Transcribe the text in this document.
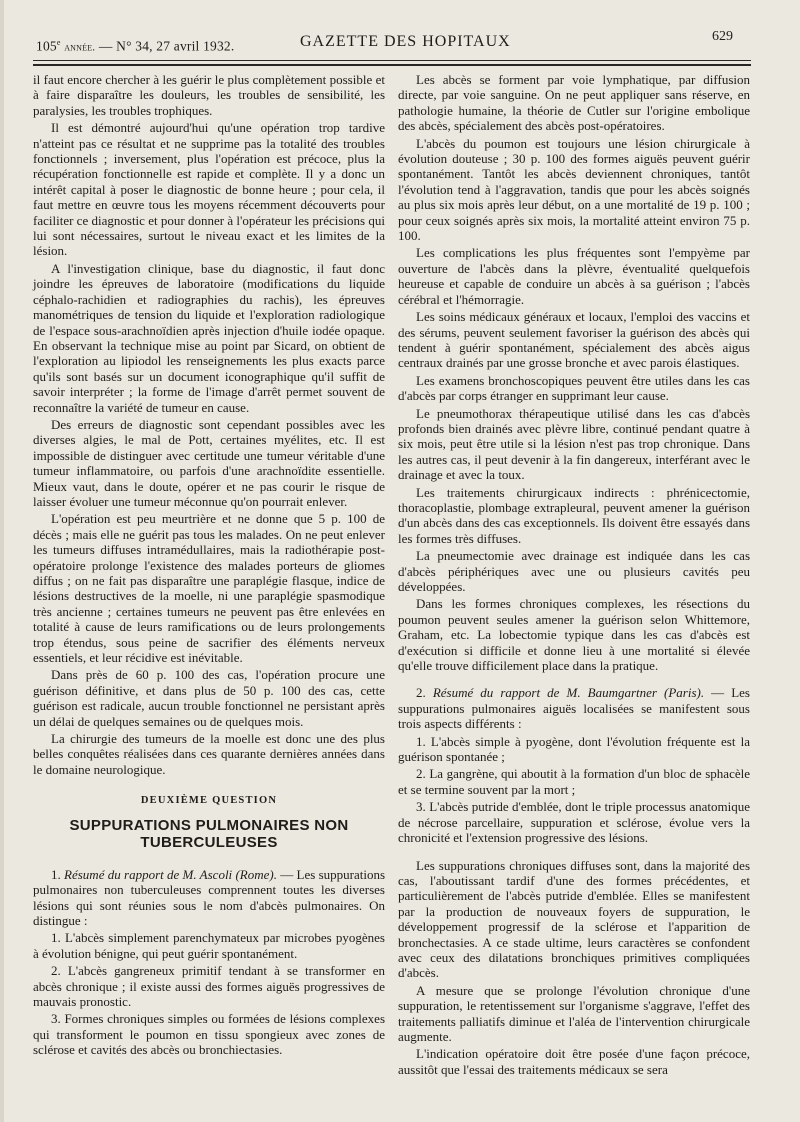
105e année. — N° 34, 27 avril 1932.	GAZETTE DES HOPITAUX	629

il faut encore chercher à les guérir le plus complètement possible et à faire disparaître les douleurs, les troubles de sensibilité, les paralysies, les troubles trophiques.

Il est démontré aujourd'hui qu'une opération trop tardive n'atteint pas ce résultat et ne supprime pas la totalité des troubles fonctionnels ; inversement, plus l'opération est précoce, plus la récupération fonctionnelle est rapide et complète. Il y a donc un intérêt capital à poser le diagnostic de bonne heure ; pour cela, il faut mettre en œuvre tous les moyens récemment découverts pour faciliter ce diagnostic et pour donner à l'opérateur les précisions qui lui sont nécessaires, surtout le niveau exact et les limites de la lésion.

A l'investigation clinique, base du diagnostic, il faut donc joindre les épreuves de laboratoire (modifications du liquide céphalo-rachidien et radiographies du rachis), les épreuves manométriques de tension du liquide et l'exploration radiologique de l'espace sous-arachnoïdien après injection d'huile iodée opaque. En observant la technique mise au point par Sicard, on obtient de l'exploration au lipiodol les renseignements les plus exacts parce qu'ils sont basés sur un document iconographique qu'il suffit de savoir interpréter ; la forme de l'image d'arrêt permet souvent de reconnaître la variété de tumeur en cause.

Des erreurs de diagnostic sont cependant possibles avec les diverses algies, le mal de Pott, certaines myélites, etc. Il est impossible de distinguer avec certitude une tumeur véritable d'une tumeur inflammatoire, ou parfois d'une arachnoïdite essentielle. Mieux vaut, dans le doute, opérer et ne pas courir le risque de laisser évoluer une tumeur méconnue qu'on pourrait enlever.

L'opération est peu meurtrière et ne donne que 5 p. 100 de décès ; mais elle ne guérit pas tous les malades. On ne peut enlever les tumeurs diffuses intramédullaires, mais la radiothérapie post-opératoire prolonge l'existence des malades porteurs de gliomes diffus ; on ne fait pas disparaître une paraplégie flasque, indice de lésions destructives de la moelle, ni une paraplégie spasmodique très ancienne ; certaines tumeurs ne peuvent pas être enlevées en totalité à cause de leurs ramifications ou de leurs prolongements trop étendus, sous peine de sacrifier des éléments nerveux essentiels, et leur récidive est inévitable.

Dans près de 60 p. 100 des cas, l'opération procure une guérison définitive, et dans plus de 50 p. 100 des cas, cette guérison est radicale, aucun trouble fonctionnel ne persistant après un délai de quelques semaines ou de quelques mois.

La chirurgie des tumeurs de la moelle est donc une des plus belles conquêtes réalisées dans ces quarante dernières années dans le domaine neurologique.

DEUXIÈME QUESTION
SUPPURATIONS PULMONAIRES NON TUBERCULEUSES

1. Résumé du rapport de M. Ascoli (Rome). — Les suppurations pulmonaires non tuberculeuses comprennent toutes les diverses lésions qui sont réunies sous le nom d'abcès pulmonaires. On distingue :

1. L'abcès simplement parenchymateux par microbes pyogènes à évolution bénigne, qui peut guérir spontanément.

2. L'abcès gangreneux primitif tendant à se transformer en abcès chronique ; il existe aussi des formes aiguës progressives de mauvais pronostic.

3. Formes chroniques simples ou formées de lésions complexes qui transforment le poumon en tissu spongieux avec zones de sclérose et cavités des abcès ou bronchiectasies.

Les abcès se forment par voie lymphatique, par diffusion directe, par voie sanguine. On ne peut appliquer sans réserve, en pathologie humaine, la théorie de Cutler sur l'origine embolique des abcès, spécialement des abcès post-opératoires.

L'abcès du poumon est toujours une lésion chirurgicale à évolution douteuse ; 30 p. 100 des formes aiguës peuvent guérir spontanément. Tantôt les abcès deviennent chroniques, tantôt l'évolution tend à l'aggravation, tandis que pour les abcès soignés au plus six mois après leur début, on a une mortalité de 19 p. 100 ; pour ceux soignés après six mois, la mortalité atteint environ 75 p. 100.

Les complications les plus fréquentes sont l'empyème par ouverture de l'abcès dans la plèvre, éventualité quelquefois heureuse et capable de conduire un abcès à sa guérison ; l'abcès cérébral et l'hémorragie.

Les soins médicaux généraux et locaux, l'emploi des vaccins et des sérums, peuvent seulement favoriser la guérison des abcès qui tendent à guérir spontanément, spécialement des abcès aigus centraux drainés par une grosse bronche et avec parois élastiques.

Les examens bronchoscopiques peuvent être utiles dans les cas d'abcès par corps étranger en supprimant leur cause.

Le pneumothorax thérapeutique utilisé dans les cas d'abcès profonds bien drainés avec plèvre libre, continué pendant quatre à six mois, peut être utile si la lésion n'est pas trop chronique. Dans les autres cas, il peut devenir à la fin dangereux, interférant avec le drainage et avec la toux.

Les traitements chirurgicaux indirects : phrénicectomie, thoracoplastie, plombage extrapleural, peuvent amener la guérison d'un abcès dans des cas exceptionnels. Ils doivent être essayés dans les formes très diffuses.

La pneumectomie avec drainage est indiquée dans les cas d'abcès périphériques avec une ou plusieurs cavités peu développées.

Dans les formes chroniques complexes, les résections du poumon peuvent seules amener la guérison selon Whittemore, Graham, etc. La lobectomie typique dans les cas d'abcès est d'exécution si difficile et donne lieu à une mortalité si élevée qu'elle trouve difficilement place dans la pratique.

2. Résumé du rapport de M. Baumgartner (Paris). — Les suppurations pulmonaires aiguës localisées se manifestent sous trois aspects différents :

1. L'abcès simple à pyogène, dont l'évolution fréquente est la guérison spontanée ;

2. La gangrène, qui aboutit à la formation d'un bloc de sphacèle et se termine souvent par la mort ;

3. L'abcès putride d'emblée, dont le triple processus anatomique de nécrose parcellaire, suppuration et sclérose, évolue vers la chronicité et l'extension progressive des lésions.

Les suppurations chroniques diffuses sont, dans la majorité des cas, l'aboutissant tardif d'une des formes précédentes, et particulièrement de l'abcès putride d'emblée. Elles se manifestent par la production de nouveaux foyers de suppuration, le développement progressif de la sclérose et l'apparition de bronchectasies. A ce stade ultime, leurs caractères se confondent avec ceux des dilatations bronchiques primitives compliquées d'abcès.

A mesure que se prolonge l'évolution chronique d'une suppuration, le retentissement sur l'organisme s'aggrave, l'effet des traitements palliatifs diminue et l'aléa de l'intervention chirurgicale augmente.

L'indication opératoire doit être posée d'une façon précoce, aussitôt que l'essai des traitements médicaux se sera
